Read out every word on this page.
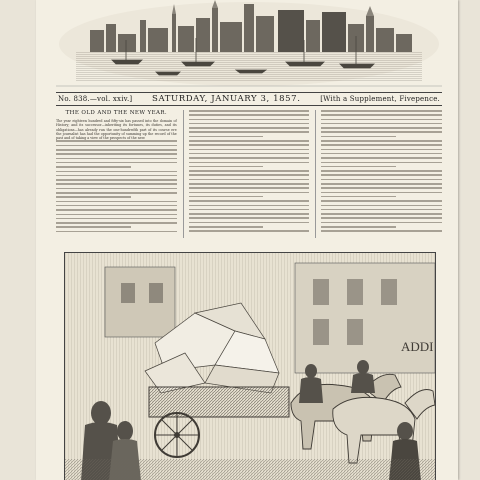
No. 838.—vol. xxiv.] SATURDAY, JANUARY 3, 1857.	[With a Supplement, Fivepence.
THE OLD AND THE NEW YEAR.
The year eighteen hundred and fifty-six has passed into the domain of History; and its successor—inheriting its fortunes, its duties, and its obligations—has already run the one-hundredth part of its course ere the journalist has had the opportunity of summing up the record of the past and of taking a view of the prospects of the new.
ADDI
